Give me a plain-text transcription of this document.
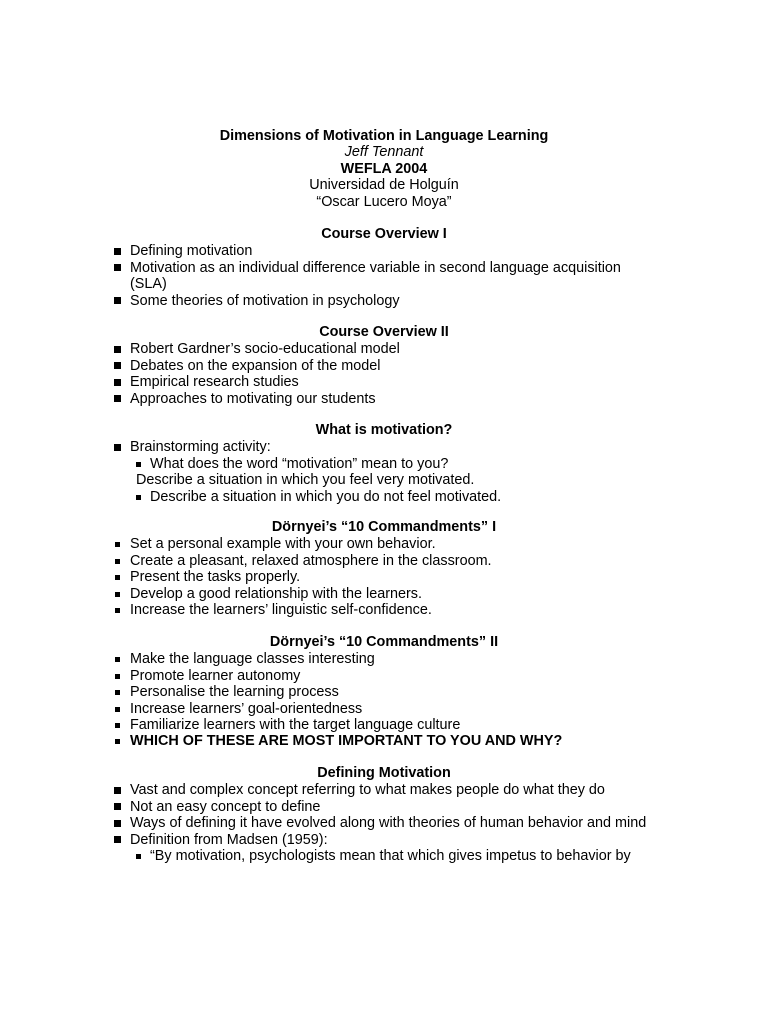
Dimensions of Motivation in Language Learning
Jeff Tennant
WEFLA 2004
Universidad de Holguín
“Oscar Lucero Moya”
Course Overview I
Defining motivation
Motivation as an individual difference variable in second language acquisition (SLA)
Some theories of motivation in psychology
Course Overview II
Robert Gardner’s socio-educational model
Debates on the expansion of the model
Empirical research studies
Approaches to motivating our students
What is motivation?
Brainstorming activity:
What does the word “motivation” mean to you?
Describe a situation in which you feel very motivated.
Describe a situation in which you do not feel motivated.
Dörnyei’s “10 Commandments” I
Set a personal example with your own behavior.
Create a pleasant, relaxed atmosphere in the classroom.
Present the tasks properly.
Develop a good relationship with the learners.
Increase the learners’ linguistic self-confidence.
Dörnyei’s “10 Commandments” II
Make the language classes interesting
Promote learner autonomy
Personalise the learning process
Increase learners’ goal-orientedness
Familiarize learners with the target language culture
WHICH OF THESE ARE MOST IMPORTANT TO YOU AND WHY?
Defining Motivation
Vast and complex concept referring to what makes people do what they do
Not an easy concept to define
Ways of defining it have evolved along with theories of human behavior and mind
Definition from Madsen (1959):
“By motivation, psychologists mean that which gives impetus to behavior by
